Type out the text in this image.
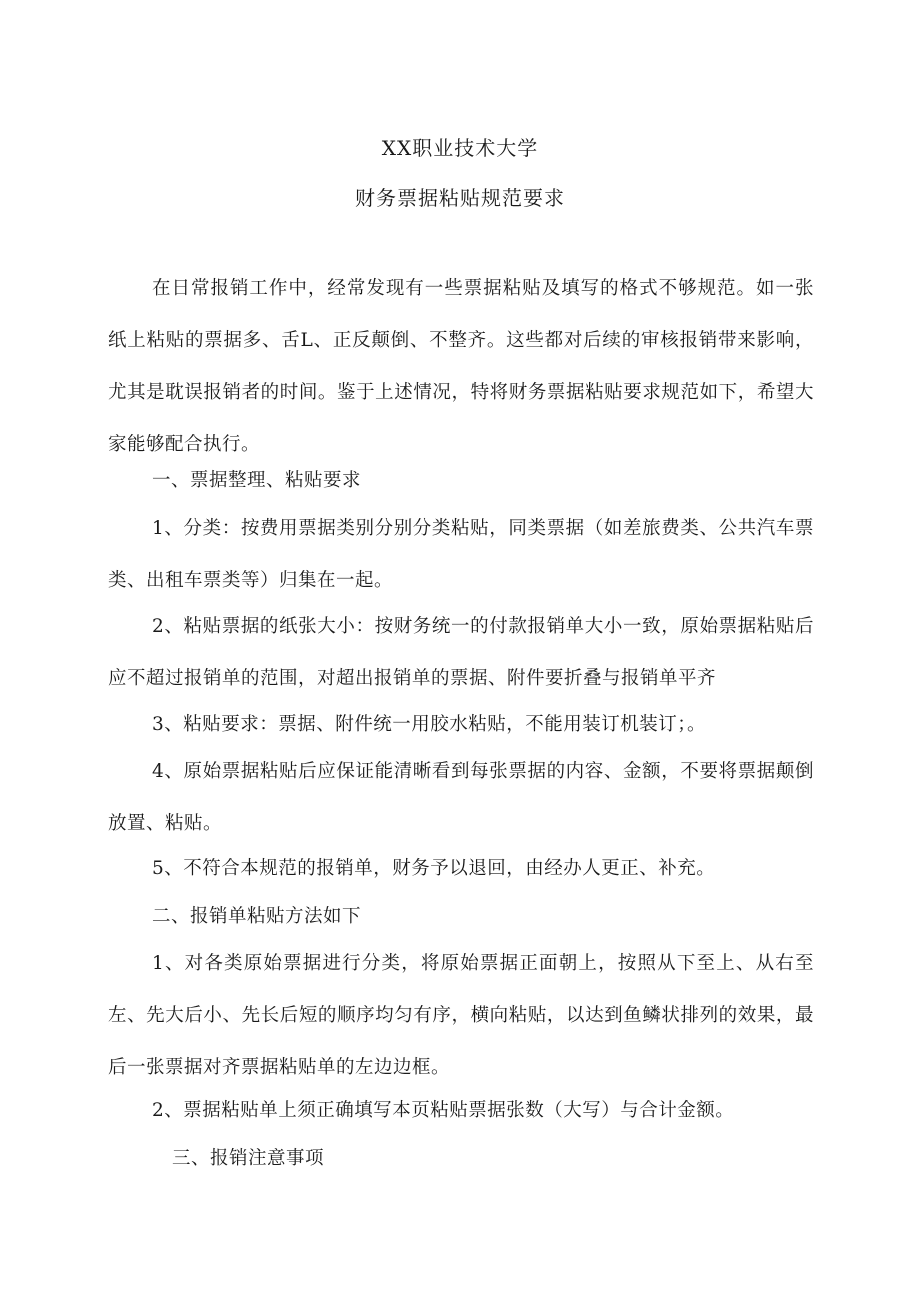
XX职业技术大学
财务票据粘贴规范要求
在日常报销工作中，经常发现有一些票据粘贴及填写的格式不够规范。如一张纸上粘贴的票据多、舌L、正反颠倒、不整齐。这些都对后续的审核报销带来影响，尤其是耽误报销者的时间。鉴于上述情况，特将财务票据粘贴要求规范如下，希望大家能够配合执行。
一、票据整理、粘贴要求
1、分类：按费用票据类别分别分类粘贴，同类票据（如差旅费类、公共汽车票类、出租车票类等）归集在一起。
2、粘贴票据的纸张大小：按财务统一的付款报销单大小一致，原始票据粘贴后应不超过报销单的范围，对超出报销单的票据、附件要折叠与报销单平齐
3、粘贴要求：票据、附件统一用胶水粘贴，不能用装订机装订；。
4、原始票据粘贴后应保证能清晰看到每张票据的内容、金额，不要将票据颠倒放置、粘贴。
5、不符合本规范的报销单，财务予以退回，由经办人更正、补充。
二、报销单粘贴方法如下
1、对各类原始票据进行分类，将原始票据正面朝上，按照从下至上、从右至左、先大后小、先长后短的顺序均匀有序，横向粘贴，以达到鱼鳞状排列的效果，最后一张票据对齐票据粘贴单的左边边框。
2、票据粘贴单上须正确填写本页粘贴票据张数（大写）与合计金额。
三、报销注意事项
